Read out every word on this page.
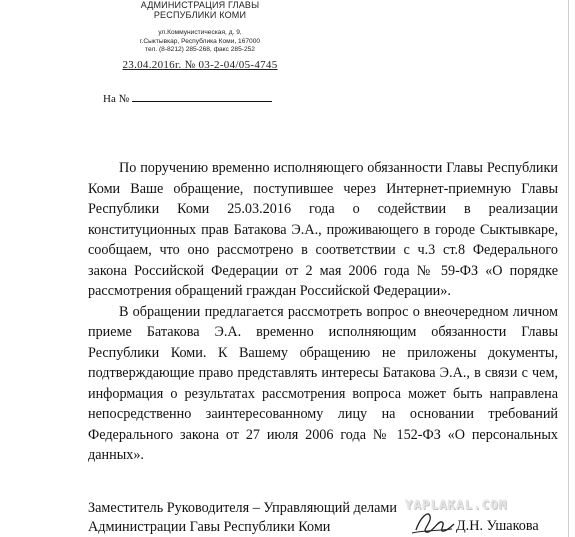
АДМИНИСТРАЦИЯ ГЛАВЫ
РЕСПУБЛИКИ КОМИ
ул.Коммунистическая, д. 9,
г.Сыктывкар, Республика Коми, 167000
тел. (8-8212) 285-268, факс 285-252
23.04.2016г. № 03-2-04/05-4745
На №

По поручению временно исполняющего обязанности Главы Республики Коми Ваше обращение, поступившее через Интернет-приемную Главы Республики Коми 25.03.2016 года о содействии в реализации конституционных прав Батакова Э.А., проживающего в городе Сыктывкаре, сообщаем, что оно рассмотрено в соответствии с ч.3 ст.8 Федерального закона Российской Федерации от 2 мая 2006 года № 59-ФЗ «О порядке рассмотрения обращений граждан Российской Федерации».

В обращении предлагается рассмотреть вопрос о внеочередном личном приеме Батакова Э.А. временно исполняющим обязанности Главы Республики Коми. К Вашему обращению не приложены документы, подтверждающие право представлять интересы Батакова Э.А., в связи с чем, информация о результатах рассмотрения вопроса может быть направлена непосредственно заинтересованному лицу на основании требований Федерального закона от 27 июля 2006 года № 152-ФЗ «О персональных данных».

Заместитель Руководителя – Управляющий делами
Администрации Гавы Республики Коми	Д.Н. Ушакова
YAPLAKAL.COM
